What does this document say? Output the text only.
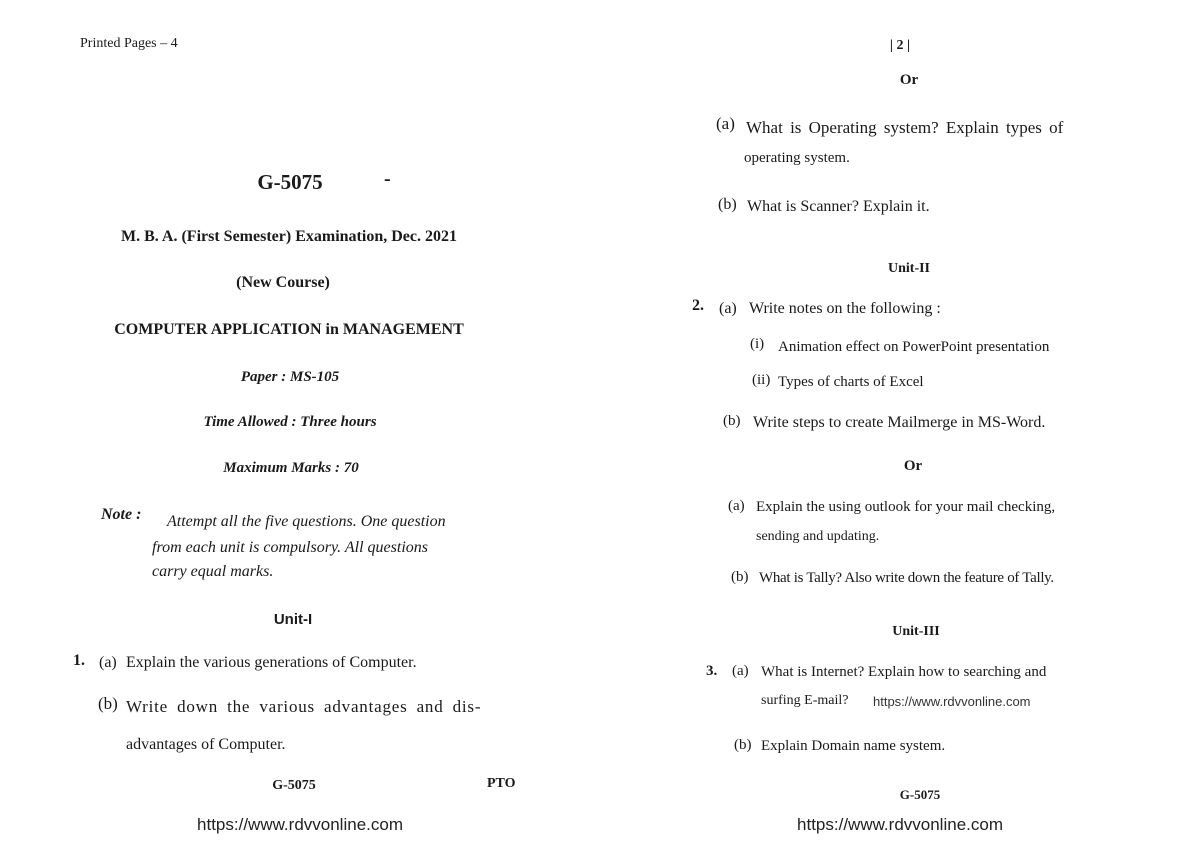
Printed Pages – 4
G-5075	-
M. B. A. (First Semester) Examination, Dec. 2021
(New Course)
COMPUTER APPLICATION in MANAGEMENT
Paper : MS-105
Time Allowed : Three hours
Maximum Marks : 70
Note : Attempt all the five questions. One question
from each unit is compulsory. All questions
carry equal marks.
Unit-I
1. (a) Explain the various generations of Computer.
(b) Write down the various advantages and dis-
advantages of Computer.
G-5075	PTO
https://www.rdvvonline.com
| 2 |
Or
(a) What is Operating system? Explain types of
operating system.
(b) What is Scanner? Explain it.
Unit-II
2. (a) Write notes on the following :
(i) Animation effect on PowerPoint presentation
(ii) Types of charts of Excel
(b) Write steps to create Mailmerge in MS-Word.
Or
(a) Explain the using outlook for your mail checking,
sending and updating.
(b) What is Tally? Also write down the feature of Tally.
Unit-III
3. (a) What is Internet? Explain how to searching and
surfing E-mail? https://www.rdvvonline.com
(b) Explain Domain name system.
G-5075
https://www.rdvvonline.com
